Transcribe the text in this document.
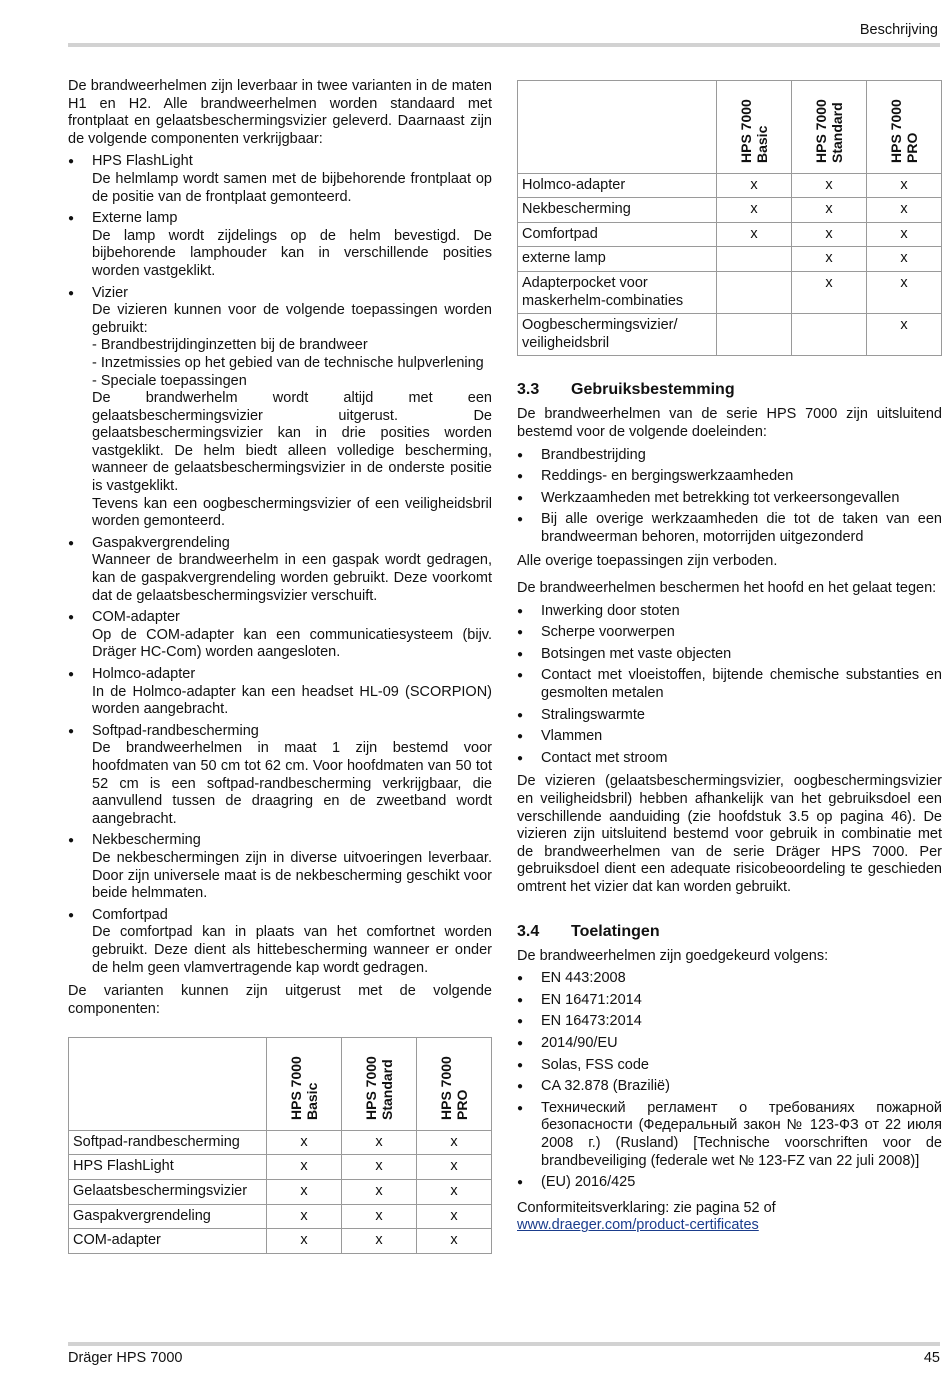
Beschrijving

De brandweerhelmen zijn leverbaar in twee varianten in de maten H1 en H2. Alle brandweerhelmen worden standaard met frontplaat en gelaatsbeschermingsvizier geleverd. Daarnaast zijn de volgende componenten verkrijgbaar:

● HPS FlashLight
De helmlamp wordt samen met de bijbehorende frontplaat op de positie van de frontplaat gemonteerd.
● Externe lamp
De lamp wordt zijdelings op de helm bevestigd. De bijbehorende lamphouder kan in verschillende posities worden vastgeklikt.
● Vizier
De vizieren kunnen voor de volgende toepassingen worden gebruikt:
- Brandbestrijdinginzetten bij de brandweer
- Inzetmissies op het gebied van de technische hulpverlening
- Speciale toepassingen
De brandwerhelm wordt altijd met een gelaatsbeschermingsvizier uitgerust. De gelaatsbeschermingsvizier kan in drie posities worden vastgeklikt. De helm biedt alleen volledige bescherming, wanneer de gelaatsbeschermingsvizier in de onderste positie is vastgeklikt.
Tevens kan een oogbeschermingsvizier of een veiligheidsbril worden gemonteerd.
● Gaspakvergrendeling
Wanneer de brandweerhelm in een gaspak wordt gedragen, kan de gaspakvergrendeling worden gebruikt. Deze voorkomt dat de gelaatsbeschermingsvizier verschuift.
● COM-adapter
Op de COM-adapter kan een communicatiesysteem (bijv. Dräger HC-Com) worden aangesloten.
● Holmco-adapter
In de Holmco-adapter kan een headset HL-09 (SCORPION) worden aangebracht.
● Softpad-randbescherming
De brandweerhelmen in maat 1 zijn bestemd voor hoofdmaten van 50 cm tot 62 cm. Voor hoofdmaten van 50 tot 52 cm is een softpad-randbescherming verkrijgbaar, die aanvullend tussen de draagring en de zweetband wordt aangebracht.
● Nekbescherming
De nekbeschermingen zijn in diverse uitvoeringen leverbaar. Door zijn universele maat is de nekbescherming geschikt voor beide helmmaten.
● Comfortpad
De comfortpad kan in plaats van het comfortnet worden gebruikt. Deze dient als hittebescherming wanneer er onder de helm geen vlamvertragende kap wordt gedragen.

De varianten kunnen zijn uitgerust met de volgende componenten:

	HPS 7000 Basic	HPS 7000 Standard	HPS 7000 PRO
Softpad-randbescherming	x	x	x
HPS FlashLight	x	x	x
Gelaatsbeschermingsvizier	x	x	x
Gaspakvergrendeling	x	x	x
COM-adapter	x	x	x
	HPS 7000 Basic	HPS 7000 Standard	HPS 7000 PRO
Holmco-adapter	x	x	x
Nekbescherming	x	x	x
Comfortpad	x	x	x
externe lamp		x	x
Adapterpocket voor maskerhelm-combinaties		x	x
Oogbeschermingsvizier/ veiligheidsbril			x
3.3 Gebruiksbestemming

De brandweerhelmen van de serie HPS 7000 zijn uitsluitend bestemd voor de volgende doeleinden:

● Brandbestrijding
● Reddings- en bergingswerkzaamheden
● Werkzaamheden met betrekking tot verkeersongevallen
● Bij alle overige werkzaamheden die tot de taken van een brandweerman behoren, motorrijden uitgezonderd

Alle overige toepassingen zijn verboden.

De brandweerhelmen beschermen het hoofd en het gelaat tegen:

● Inwerking door stoten
● Scherpe voorwerpen
● Botsingen met vaste objecten
● Contact met vloeistoffen, bijtende chemische substanties en gesmolten metalen
● Stralingswarmte
● Vlammen
● Contact met stroom

De vizieren (gelaatsbeschermingsvizier, oogbeschermingsvizier en veiligheidsbril) hebben afhankelijk van het gebruiksdoel een verschillende aanduiding (zie hoofdstuk 3.5 op pagina 46). De vizieren zijn uitsluitend bestemd voor gebruik in combinatie met de brandweerhelmen van de serie Dräger HPS 7000. Per gebruiksdoel dient een adequate risicobeoordeling te geschieden omtrent het vizier dat kan worden gebruikt.

3.4 Toelatingen

De brandweerhelmen zijn goedgekeurd volgens:

● EN 443:2008
● EN 16471:2014
● EN 16473:2014
● 2014/90/EU
● Solas, FSS code
● CA 32.878 (Brazilië)
● Технический регламент о требованиях пожарной безопасности (Федеральный закон № 123-ФЗ от 22 июля 2008 г.) (Rusland) [Technische voorschriften voor de brandbeveiliging (federale wet № 123-FZ van 22 juli 2008)]
● (EU) 2016/425

Conformiteitsverklaring: zie pagina 52 of

www.draeger.com/product-certificates
Dräger HPS 7000	45
